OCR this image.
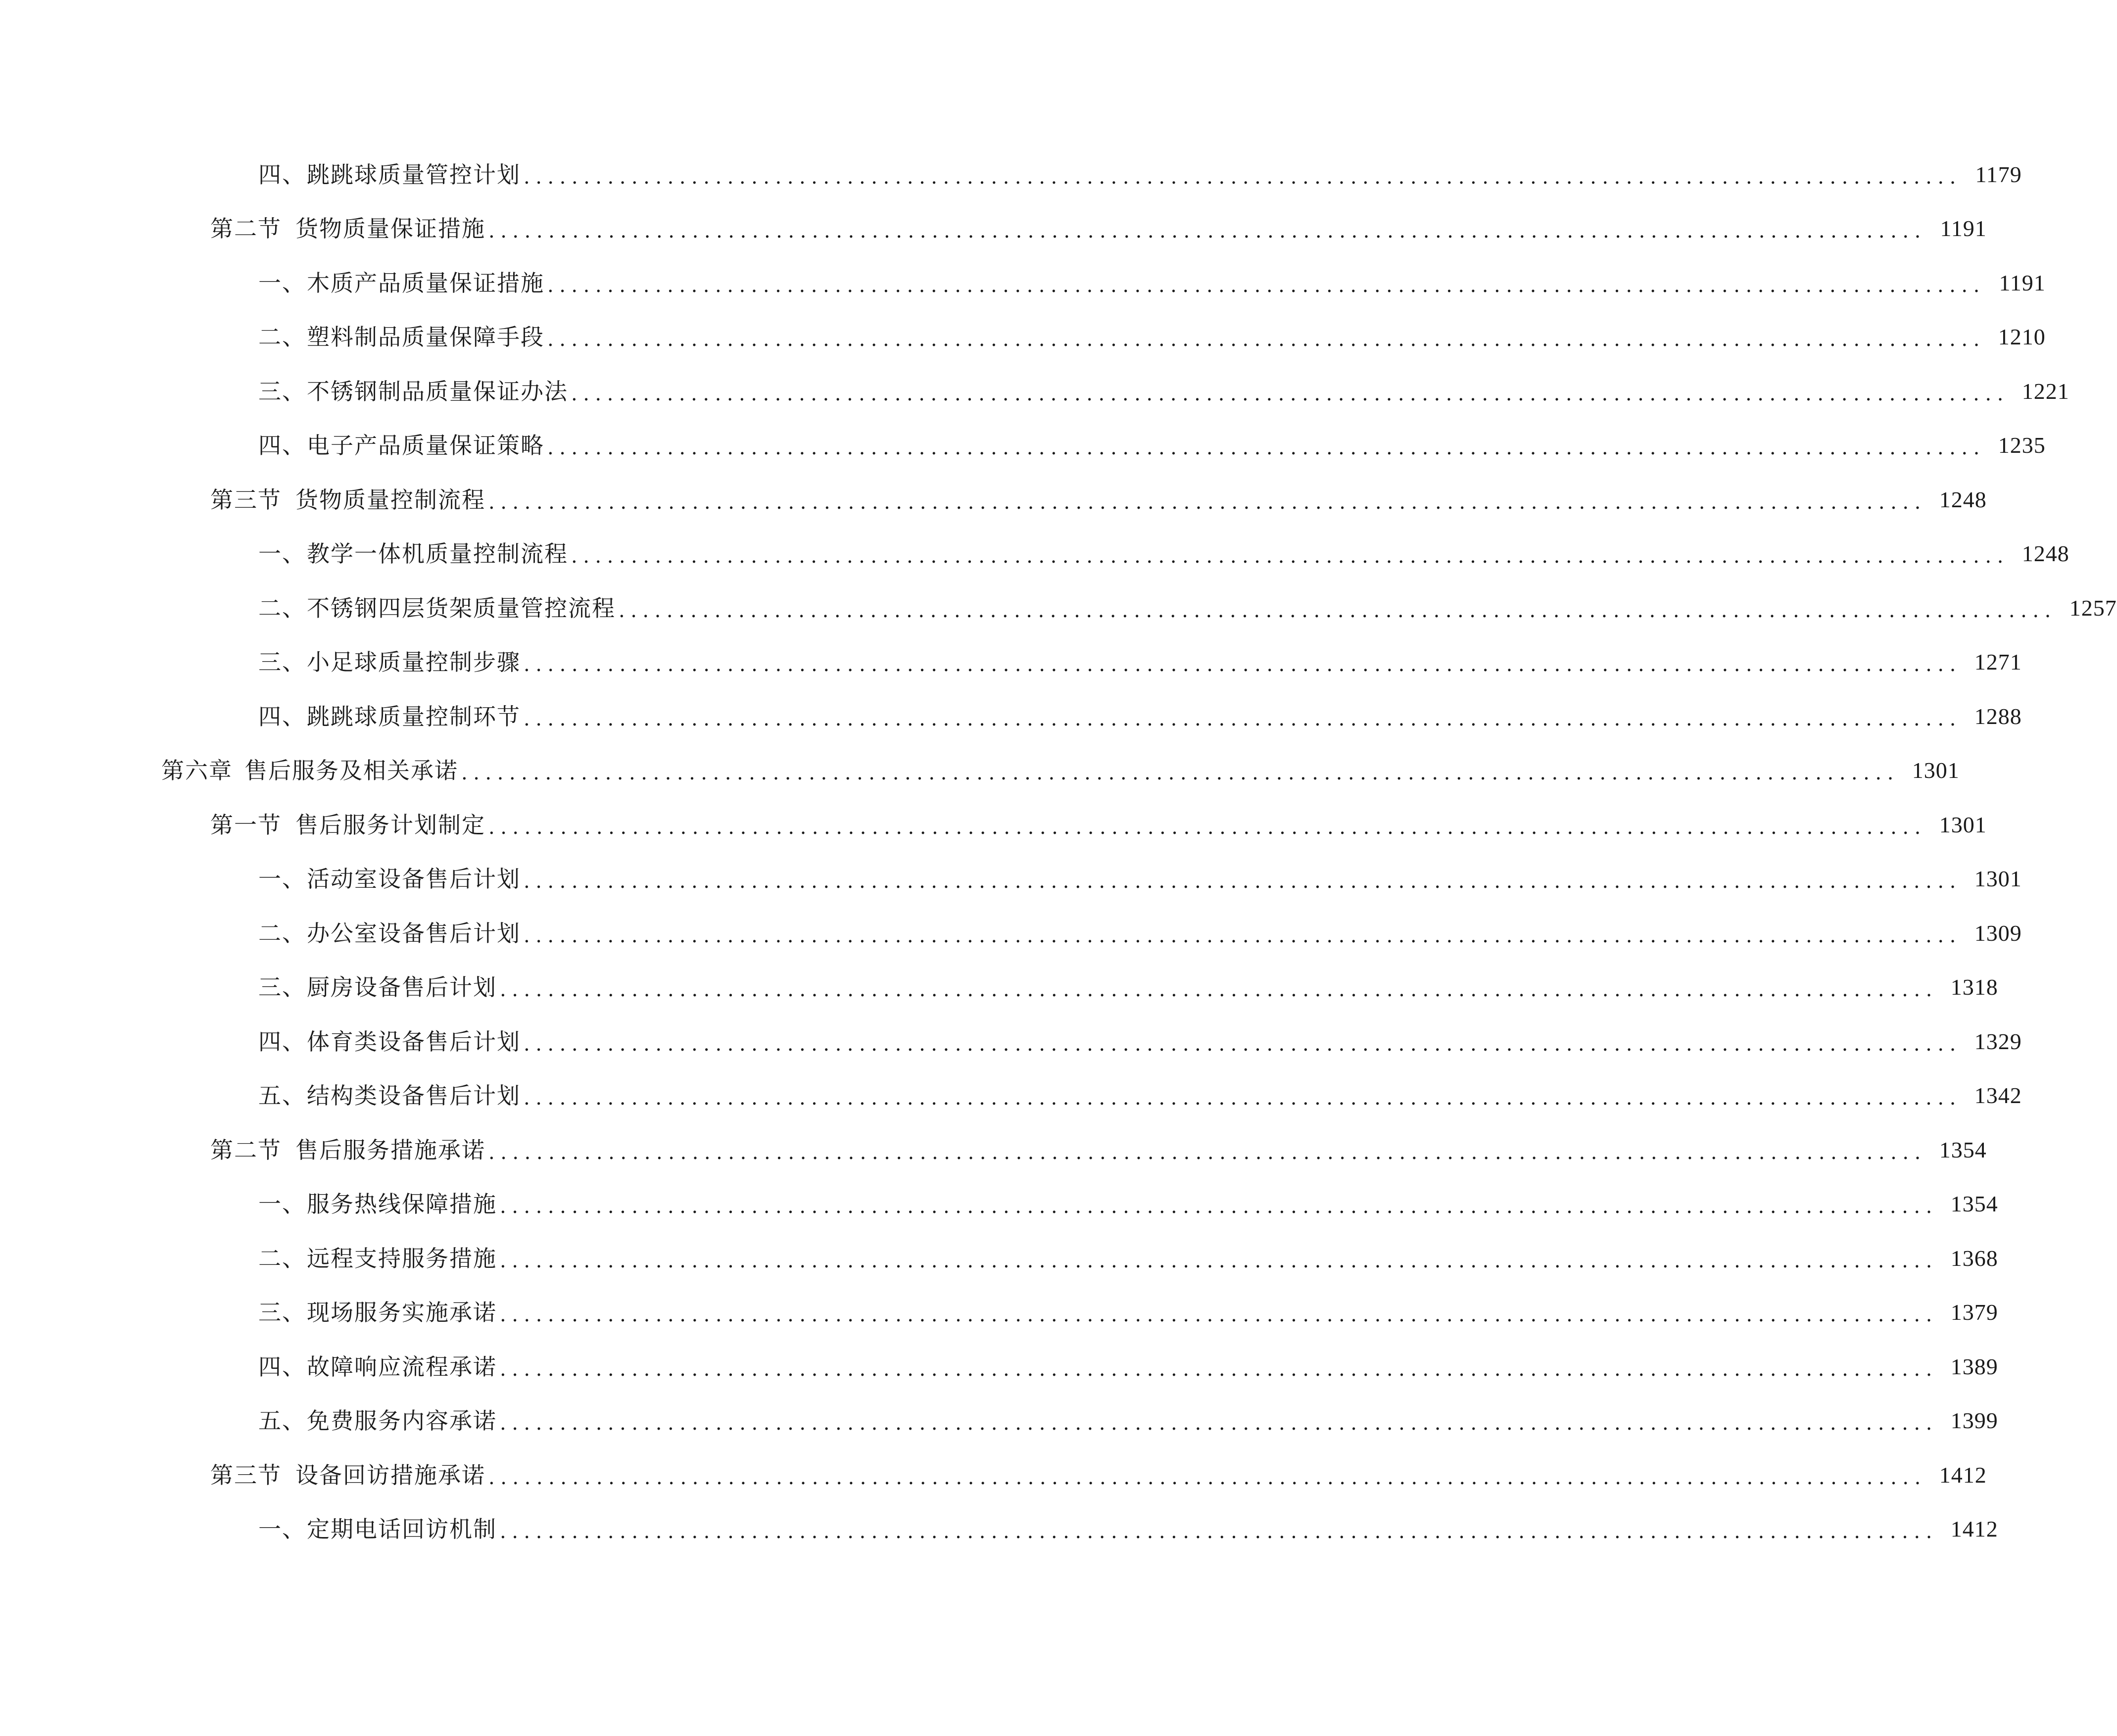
四、跳跳球质量管控计划 ........................................................................................................................ 1179
第二节 货物质量保证措施 ........................................................................................................................ 1191
一、木质产品质量保证措施 ........................................................................................................................ 1191
二、塑料制品质量保障手段 ........................................................................................................................ 1210
三、不锈钢制品质量保证办法 ........................................................................................................................ 1221
四、电子产品质量保证策略 ........................................................................................................................ 1235
第三节 货物质量控制流程 ........................................................................................................................ 1248
一、教学一体机质量控制流程 ........................................................................................................................ 1248
二、不锈钢四层货架质量管控流程 ........................................................................................................................ 1257
三、小足球质量控制步骤 ........................................................................................................................ 1271
四、跳跳球质量控制环节 ........................................................................................................................ 1288
第六章 售后服务及相关承诺 ........................................................................................................................ 1301
第一节 售后服务计划制定 ........................................................................................................................ 1301
一、活动室设备售后计划 ........................................................................................................................ 1301
二、办公室设备售后计划 ........................................................................................................................ 1309
三、厨房设备售后计划 ........................................................................................................................ 1318
四、体育类设备售后计划 ........................................................................................................................ 1329
五、结构类设备售后计划 ........................................................................................................................ 1342
第二节 售后服务措施承诺 ........................................................................................................................ 1354
一、服务热线保障措施 ........................................................................................................................ 1354
二、远程支持服务措施 ........................................................................................................................ 1368
三、现场服务实施承诺 ........................................................................................................................ 1379
四、故障响应流程承诺 ........................................................................................................................ 1389
五、免费服务内容承诺 ........................................................................................................................ 1399
第三节 设备回访措施承诺 ........................................................................................................................ 1412
一、定期电话回访机制 ........................................................................................................................ 1412
